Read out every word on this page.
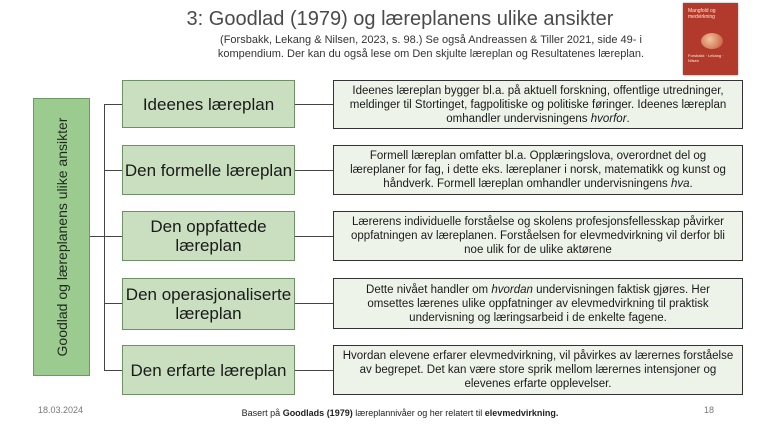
3: Goodlad (1979) og læreplanens ulike ansikter
(Forsbakk, Lekang & Nilsen, 2023, s. 98.) Se også Andreassen & Tiller 2021, side 49- i kompendium. Der kan du også lese om Den skjulte læreplan og Resultatenes læreplan.
Mangfold og medvirkning
Forsbakk · Lekang · Nilsen
Goodlad og læreplanens ulike ansikter
Ideenes læreplan
Ideenes læreplan bygger bl.a. på aktuell forskning, offentlige utredninger, meldinger til Stortinget, fagpolitiske og politiske føringer. Ideenes læreplan omhandler undervisningens hvorfor.
Den formelle læreplan
Formell læreplan omfatter bl.a. Opplæringslova, overordnet del og læreplaner for fag, i dette eks. læreplaner i norsk, matematikk og kunst og håndverk. Formell læreplan omhandler undervisningens hva.
Den oppfattede læreplan
Lærerens individuelle forståelse og skolens profesjonsfellesskap påvirker oppfatningen av læreplanen. Forståelsen for elevmedvirkning vil derfor bli noe ulik for de ulike aktørene
Den operasjonaliserte læreplan
Dette nivået handler om hvordan undervisningen faktisk gjøres. Her omsettes lærenes ulike oppfatninger av elevmedvirkning til praktisk undervisning og læringsarbeid i de enkelte fagene.
Den erfarte læreplan
Hvordan elevene erfarer elevmedvirkning, vil påvirkes av lærernes forståelse av begrepet. Det kan være store sprik mellom lærernes intensjoner og elevenes erfarte opplevelser.
18.03.2024	Basert på Goodlads (1979) læreplannivåer og her relatert til elevmedvirkning.	18
